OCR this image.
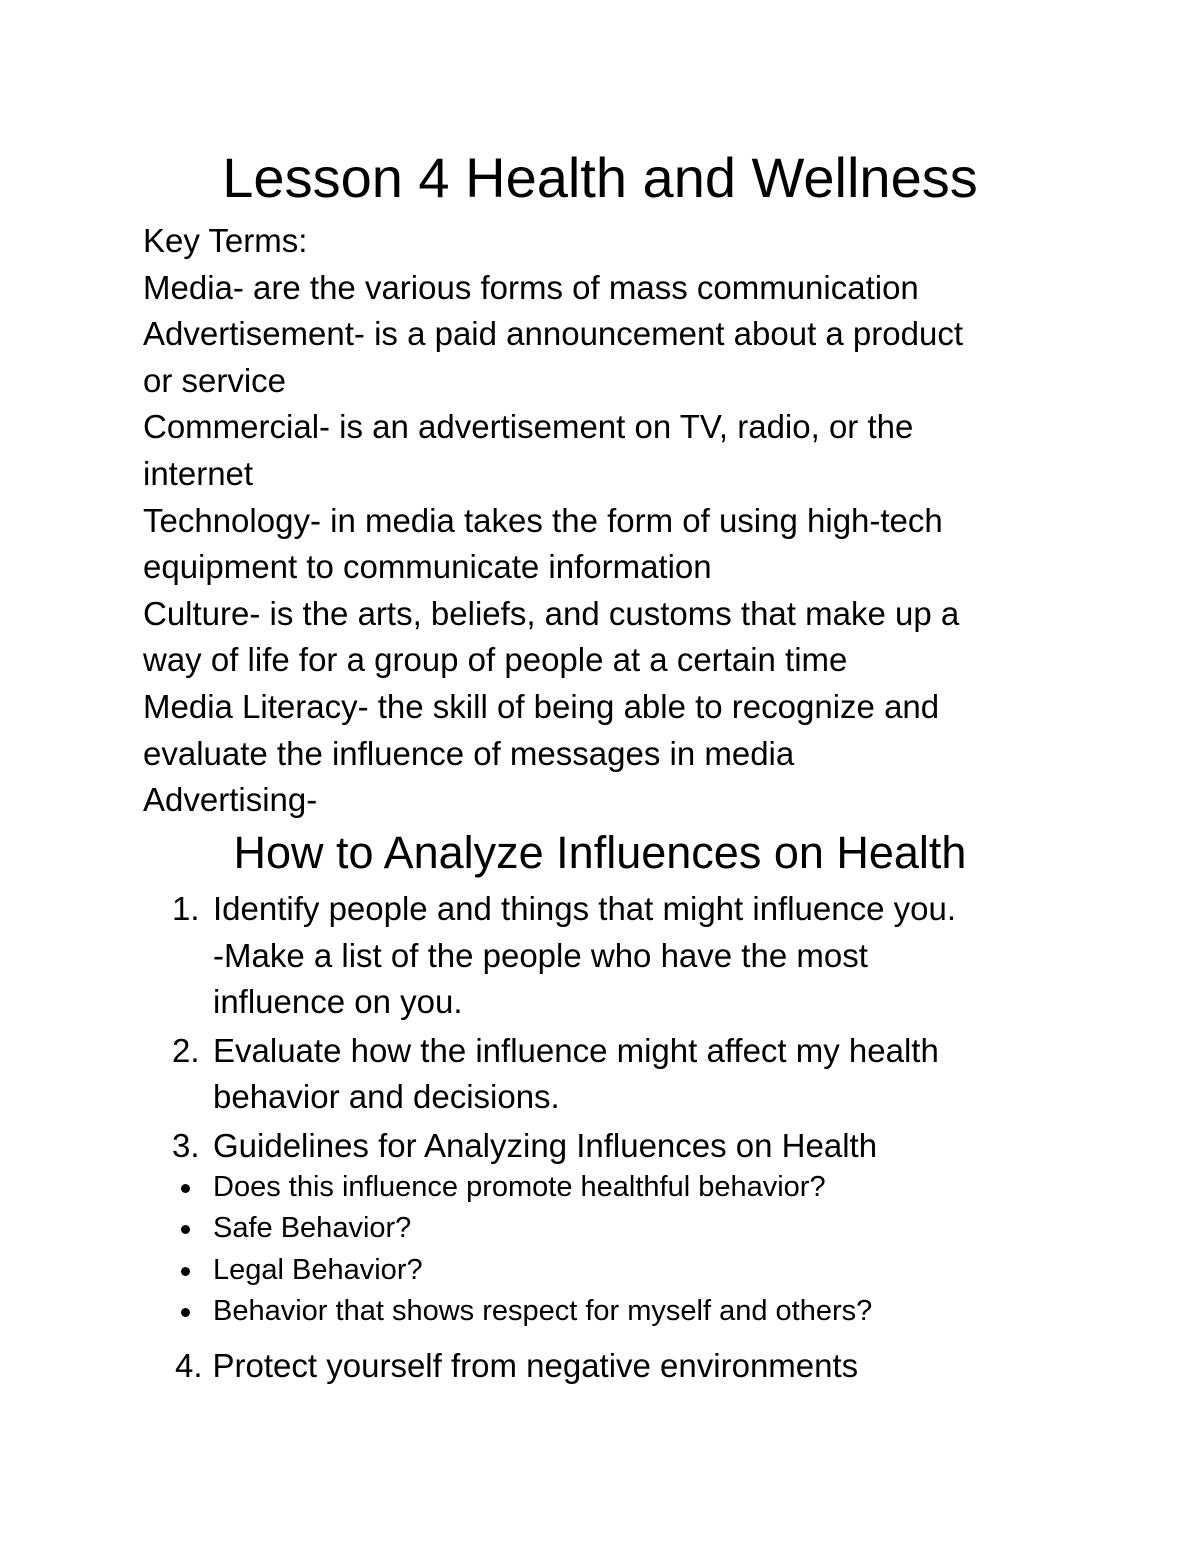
Lesson 4 Health and Wellness
Key Terms:
Media- are the various forms of mass communication
Advertisement- is a paid announcement about a product
or service
Commercial- is an advertisement on TV, radio, or the
internet
Technology- in media takes the form of using high-tech
equipment to communicate information
Culture- is the arts, beliefs, and customs that make up a
way of life for a group of people at a certain time
Media Literacy- the skill of being able to recognize and
evaluate the influence of messages in media
Advertising-
How to Analyze Influences on Health
1. Identify people and things that might influence you.
-Make a list of the people who have the most
influence on you.
2. Evaluate how the influence might affect my health
behavior and decisions.
3. Guidelines for Analyzing Influences on Health
Does this influence promote healthful behavior?
Safe Behavior?
Legal Behavior?
Behavior that shows respect for myself and others?
4. Protect yourself from negative environments
